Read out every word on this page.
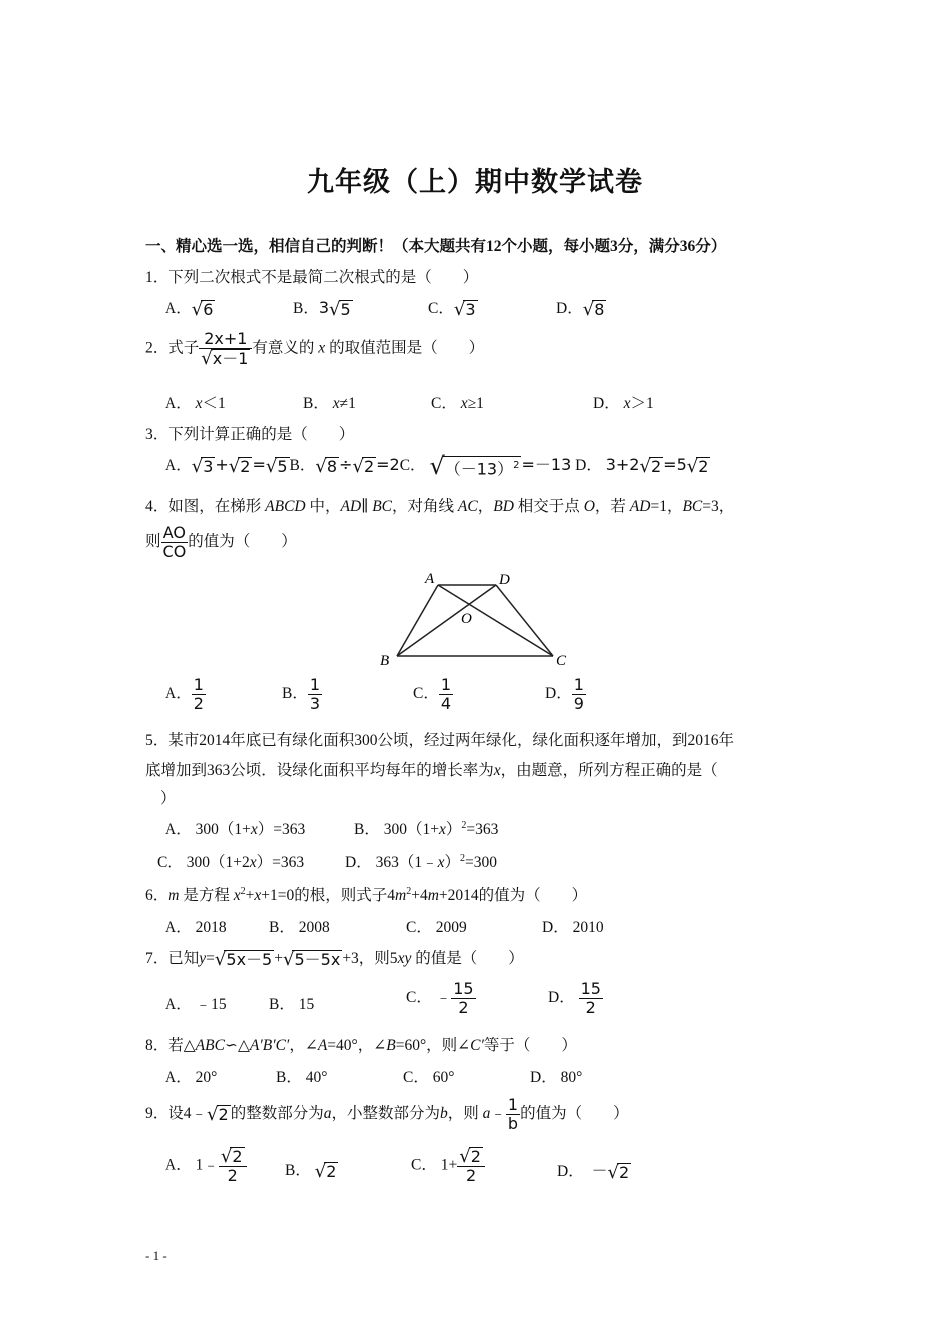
九年级（上）期中数学试卷
一、精心选一选，相信自己的判断！（本大题共有12个小题，每小题3分，满分36分）
1．下列二次根式不是最简二次根式的是（　　）
A．√6	B．3√5	C．√3	D．√8
2．式子 $\frac{2x+1}{√x-1}$ 有意义的 x 的取值范围是（　　）
A． x＜1	B． x≠1	C． x≥1	D． x＞1
3．下列计算正确的是（　　）
A．√3 +√2 =√5 B．√8 ÷√2 =2C． $√(-13)^2 =-13$ D． 3+2√2 =5√2
4．如图，在梯形 ABCD 中，AD∥ BC，对角线 AC，BD 相交于点 O，若 AD=1，BC=3，
则 $\frac{AO}{CO}$ 的值为（　　）
A	D
O
B	C
A． $\frac{1}{2}$	B． $\frac{1}{3}$	C． $\frac{1}{4}$	D． $\frac{1}{9}$
5．某市2014年底已有绿化面积300公顷，经过两年绿化，绿化面积逐年增加，到2016年
底增加到363公顷．设绿化面积平均每年的增长率为x，由题意，所列方程正确的是（
）
A． 300（1+x）=363	B． $300(1+x)^2=363$
C． 300（1+2x）=363	D． 363（1﹣x）$^2$=300
6．m 是方程 $x^2+x+1=0$的根，则式子$4m^2+4m+2014$的值为（　　）
A． 2018	B． 2008	C． 2009	D． 2010
7．已知y=√5x－5 +√5－5x +3，则5xy 的值是（　　）
A． ﹣15	B． 15	C． ﹣ $\frac{15}{2}$	D． $\frac{15}{2}$
8．若△ABC∽△A′B′C′，∠A=40°，∠B=60°，则∠C′等于（　　）
A． 20°	B． 40°	C． 60°	D． 80°
9．设4﹣√2 的整数部分为a，小整数部分为b，则 a﹣ $\frac{1}{b}$ 的值为（　　）
A． 1﹣ $\frac{√2}{2}$ B． √2	C． $1+ \frac{√2}{2}$	D． －√2
- 1 -
